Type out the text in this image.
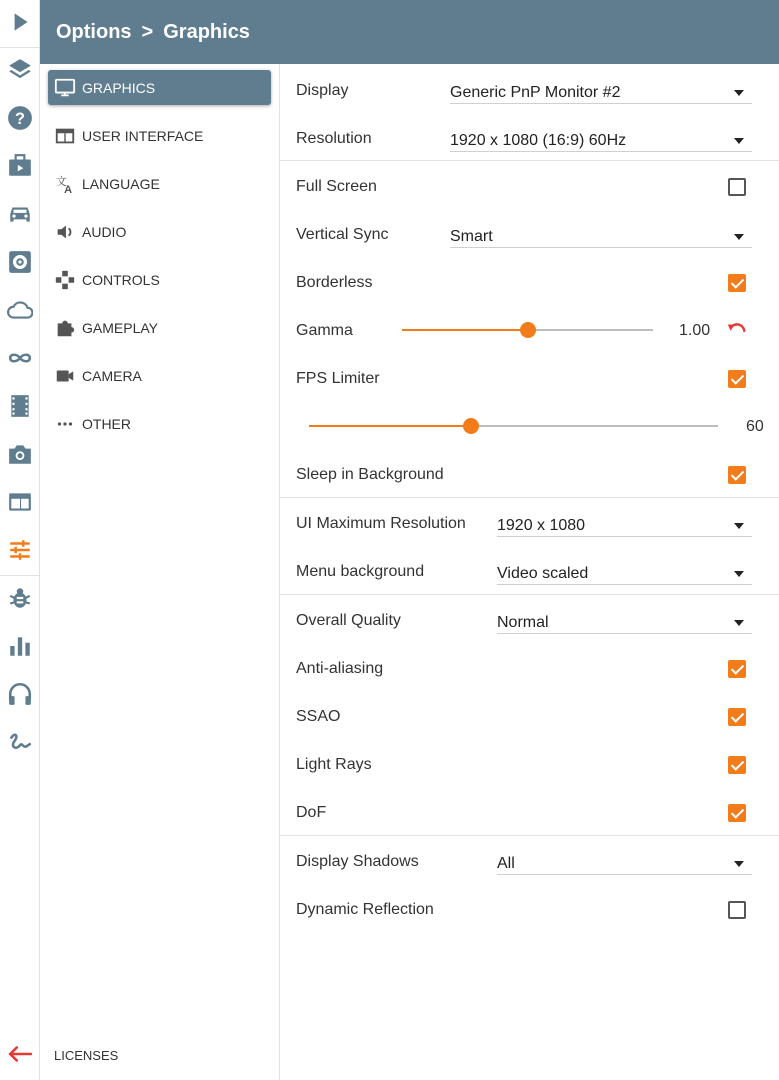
?
Options > Graphics
GRAPHICS
USER INTERFACE
文
A LANGUAGE
AUDIO
CONTROLS
GAMEPLAY
CAMERA
OTHER
LICENSES
Display	Generic PnP Monitor #2
Resolution	1920 x 1080 (16:9) 60Hz
Full Screen
Vertical Sync	Smart
Borderless
Gamma	1.00
FPS Limiter
60
Sleep in Background
UI Maximum Resolution 1920 x 1080
Menu background	Video scaled
Overall Quality	Normal
Anti-aliasing
SSAO
Light Rays
DoF
Display Shadows	All
Dynamic Reflection
